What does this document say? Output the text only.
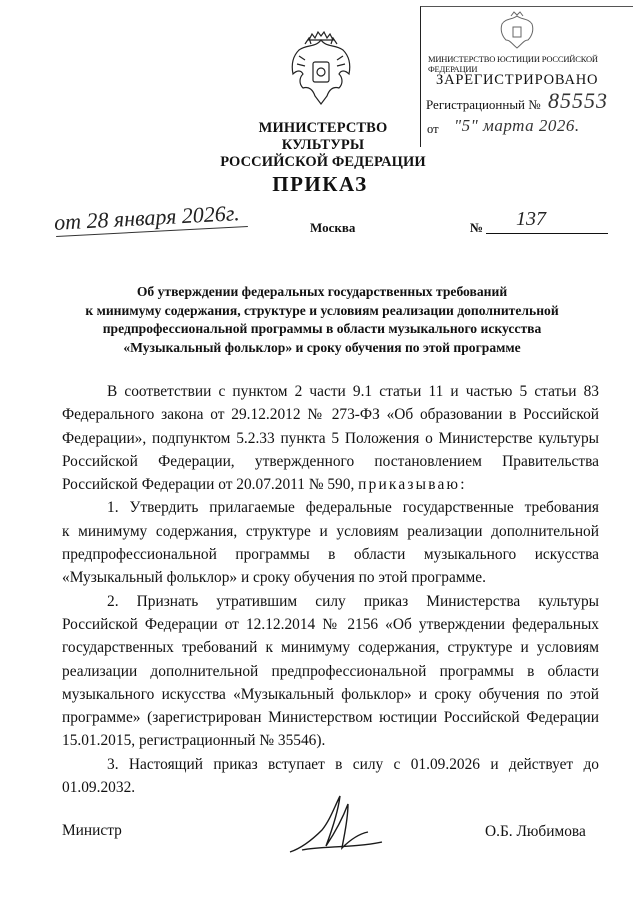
МИНИСТЕРСТВО КУЛЬТУРЫ
РОССИЙСКОЙ ФЕДЕРАЦИИ
МИНИСТЕРСТВО ЮСТИЦИИ РОССИЙСКОЙ ФЕДЕРАЦИИ
ЗАРЕГИСТРИРОВАНО
Регистрационный № 85553
от "5" марта 2026.
ПРИКАЗ
от 28 января 2026г.	Москва	№ 137
Об утверждении федеральных государственных требований
к минимуму содержания, структуре и условиям реализации дополнительной
предпрофессиональной программы в области музыкального искусства
«Музыкальный фольклор» и сроку обучения по этой программе

В соответствии с пунктом 2 части 9.1 статьи 11 и частью 5 статьи 83

Федерального закона от 29.12.2012 № 273-ФЗ «Об образовании в Российской

Федерации», подпунктом 5.2.33 пункта 5 Положения о Министерстве культуры

Российской Федерации, утвержденного постановлением Правительства

Российской Федерации от 20.07.2011 № 590, приказываю:

1. Утвердить прилагаемые федеральные государственные требования

к минимуму содержания, структуре и условиям реализации дополнительной

предпрофессиональной программы в области музыкального искусства

«Музыкальный фольклор» и сроку обучения по этой программе.

2. Признать утратившим силу приказ Министерства культуры

Российской Федерации от 12.12.2014 № 2156 «Об утверждении федеральных

государственных требований к минимуму содержания, структуре и условиям

реализации дополнительной предпрофессиональной программы в области

музыкального искусства «Музыкальный фольклор» и сроку обучения по этой

программе» (зарегистрирован Министерством юстиции Российской Федерации

15.01.2015, регистрационный № 35546).

3. Настоящий приказ вступает в силу с 01.09.2026 и действует до 01.09.2032.

Министр	О.Б. Любимова
